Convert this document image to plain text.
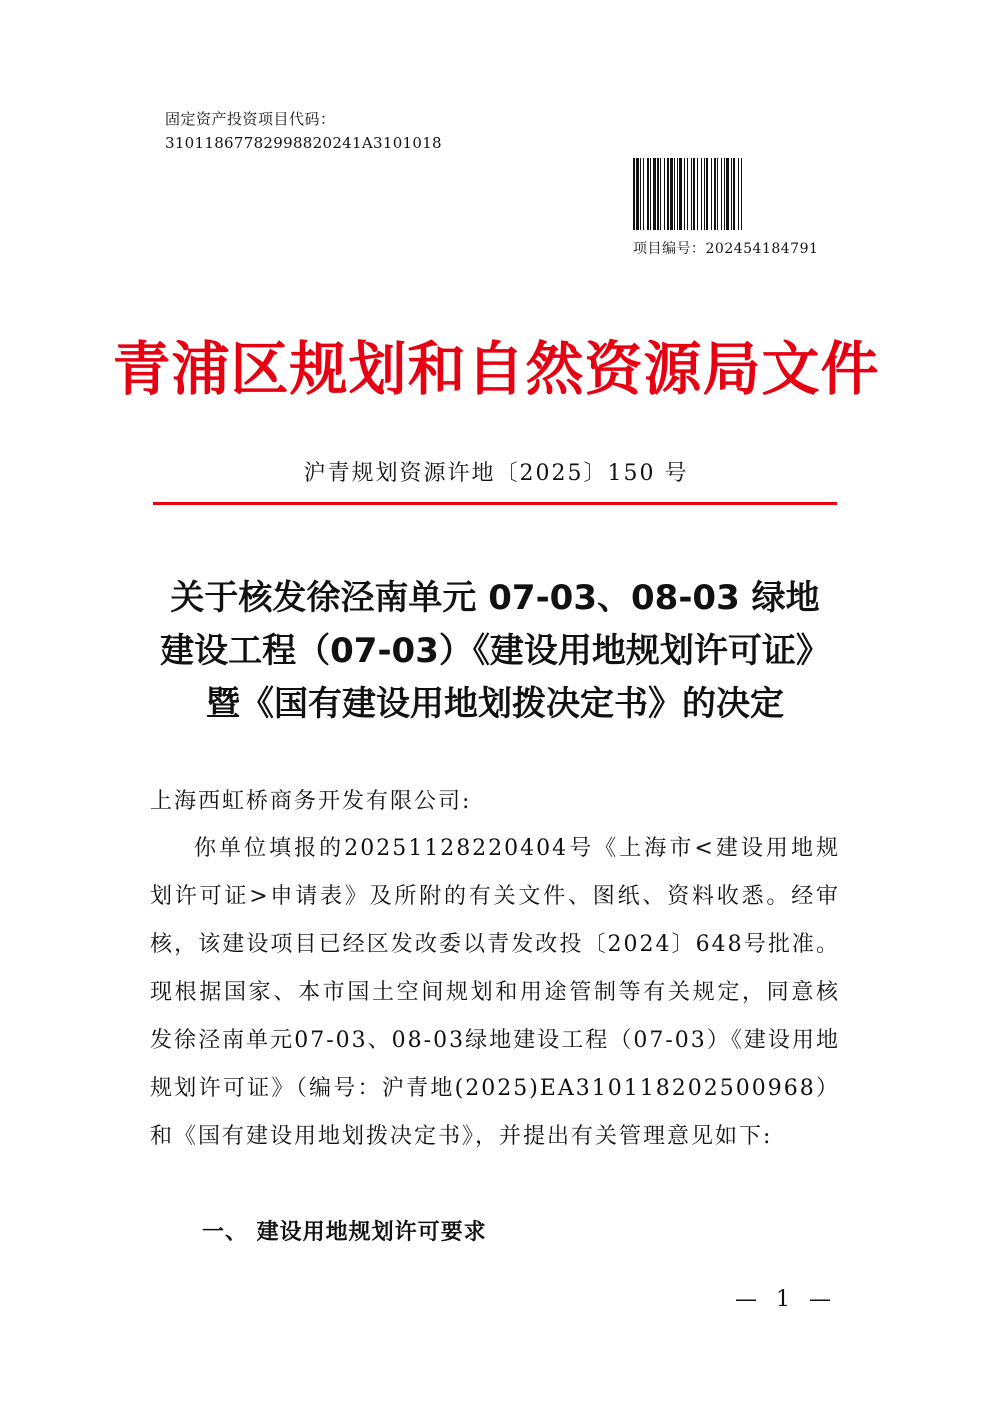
固定资产投资项目代码：
31011867782998820241A3101018
项目编号：202454184791
青浦区规划和自然资源局文件
沪青规划资源许地〔2025〕150 号
关于核发徐泾南单元 07-03、08-03 绿地
建设工程（07-03）《建设用地规划许可证》
暨《国有建设用地划拨决定书》的决定
上海西虹桥商务开发有限公司:

你单位填报的20251128220404号《上海市<建设用地规划许可证>申请表》及所附的有关文件、图纸、资料收悉。经审核，该建设项目已经区发改委以青发改投〔2024〕648号批准。现根据国家、本市国土空间规划和用途管制等有关规定，同意核发徐泾南单元07-03、08-03绿地建设工程（07-03）《建设用地规划许可证》（编号：沪青地(2025)EA310118202500968）和《国有建设用地划拨决定书》，并提出有关管理意见如下:

一、 建设用地规划许可要求
— 1 —
